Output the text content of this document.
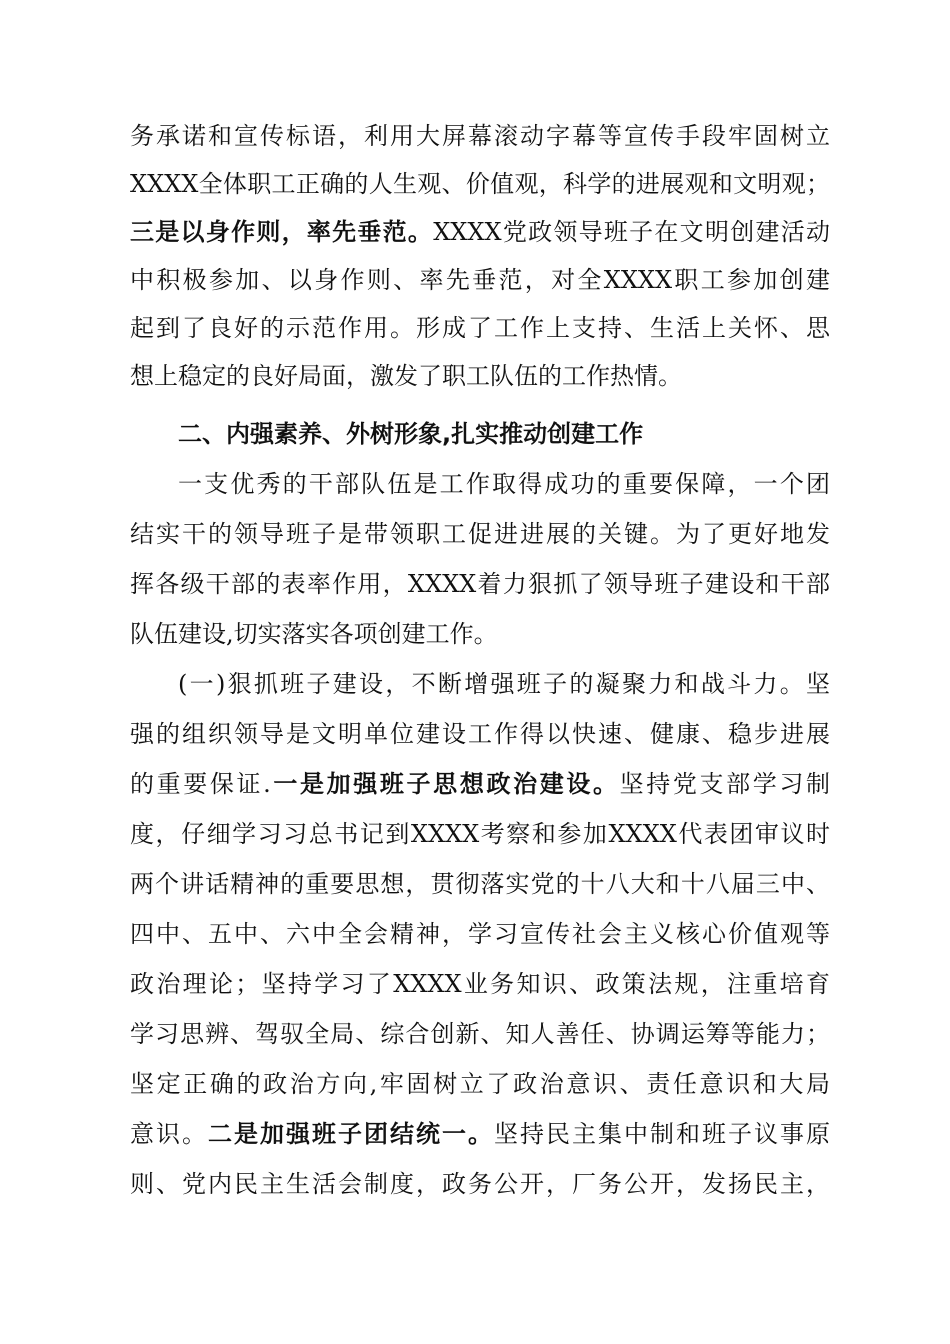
务承诺和宣传标语，利用大屏幕滚动字幕等宣传手段牢固树立
XXXX全体职工正确的人生观、价值观，科学的进展观和文明观；
三是以身作则，率先垂范。XXXX党政领导班子在文明创建活动
中积极参加、以身作则、率先垂范，对全XXXX职工参加创建
起到了良好的示范作用。形成了工作上支持、生活上关怀、思
想上稳定的良好局面，激发了职工队伍的工作热情。
二、内强素养、外树形象,扎实推动创建工作
一支优秀的干部队伍是工作取得成功的重要保障，一个团
结实干的领导班子是带领职工促进进展的关键。为了更好地发
挥各级干部的表率作用，XXXX着力狠抓了领导班子建设和干部
队伍建设,切实落实各项创建工作。
(一)狠抓班子建设，不断增强班子的凝聚力和战斗力。坚
强的组织领导是文明单位建设工作得以快速、健康、稳步进展
的重要保证.一是加强班子思想政治建设。坚持党支部学习制
度，仔细学习习总书记到XXXX考察和参加XXXX代表团审议时
两个讲话精神的重要思想，贯彻落实党的十八大和十八届三中、
四中、五中、六中全会精神，学习宣传社会主义核心价值观等
政治理论；坚持学习了XXXX业务知识、政策法规，注重培育
学习思辨、驾驭全局、综合创新、知人善任、协调运筹等能力；
坚定正确的政治方向,牢固树立了政治意识、责任意识和大局
意识。二是加强班子团结统一。坚持民主集中制和班子议事原
则、党内民主生活会制度，政务公开，厂务公开，发扬民主，
